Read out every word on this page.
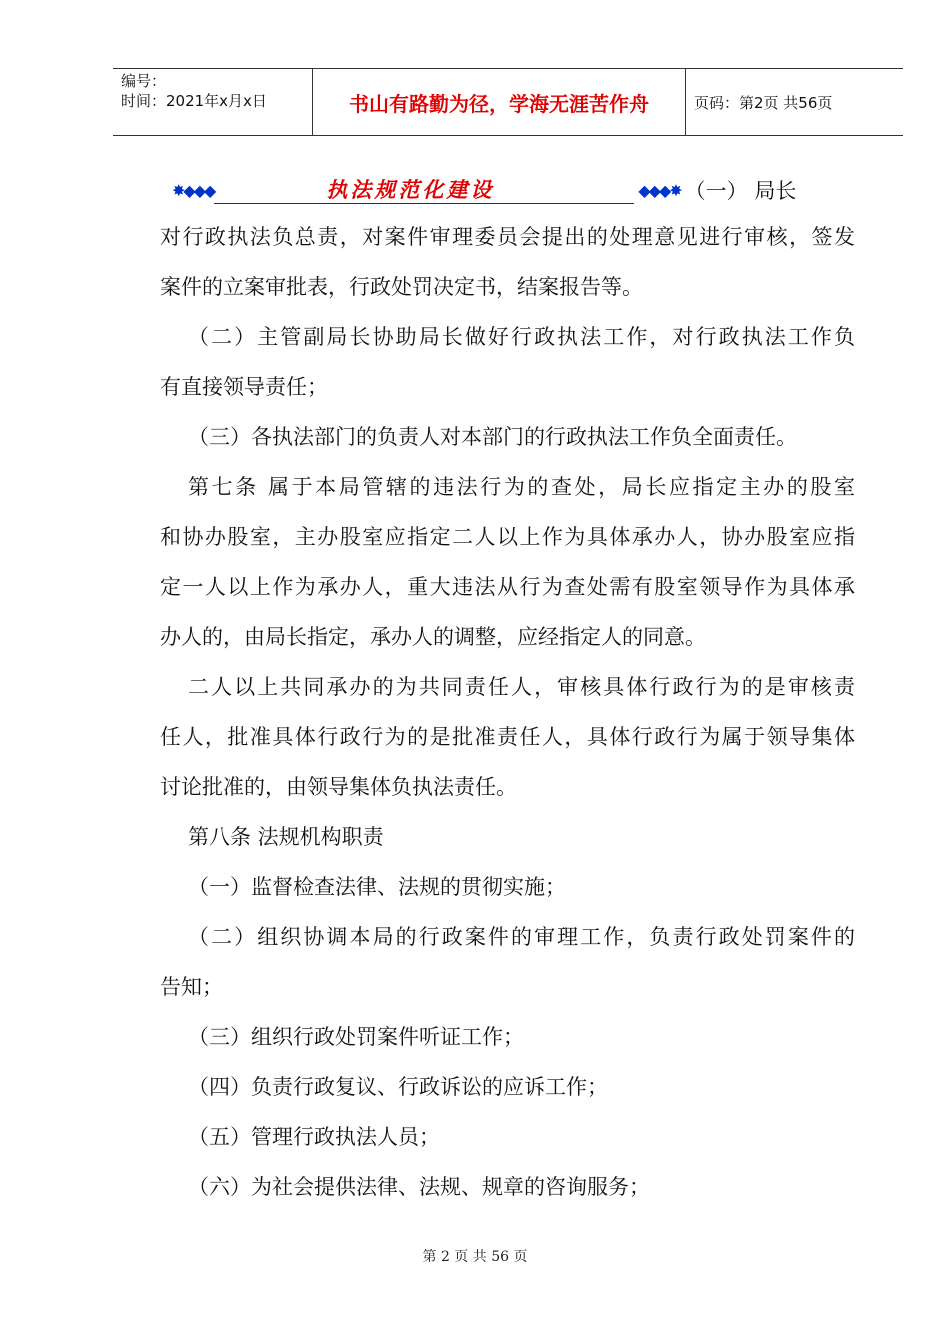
编号：
时间：2021年x月x日	书山有路勤为径，学海无涯苦作舟	页码：第2页 共56页
✸◆◆◆	执法规范化建设	◆◆◆✸ （一） 局长
对行政执法负总责，对案件审理委员会提出的处理意见进行审核，签发
案件的立案审批表，行政处罚决定书，结案报告等。
（二）主管副局长协助局长做好行政执法工作，对行政执法工作负
有直接领导责任；
（三）各执法部门的负责人对本部门的行政执法工作负全面责任。
第七条 属于本局管辖的违法行为的查处，局长应指定主办的股室
和协办股室，主办股室应指定二人以上作为具体承办人，协办股室应指
定一人以上作为承办人，重大违法从行为查处需有股室领导作为具体承
办人的，由局长指定，承办人的调整，应经指定人的同意。
二人以上共同承办的为共同责任人，审核具体行政行为的是审核责
任人，批准具体行政行为的是批准责任人，具体行政行为属于领导集体
讨论批准的，由领导集体负执法责任。
第八条 法规机构职责
（一）监督检查法律、法规的贯彻实施；
（二）组织协调本局的行政案件的审理工作，负责行政处罚案件的
告知；
（三）组织行政处罚案件听证工作；
（四）负责行政复议、行政诉讼的应诉工作；
（五）管理行政执法人员；
（六）为社会提供法律、法规、规章的咨询服务；
第 2 页 共 56 页
